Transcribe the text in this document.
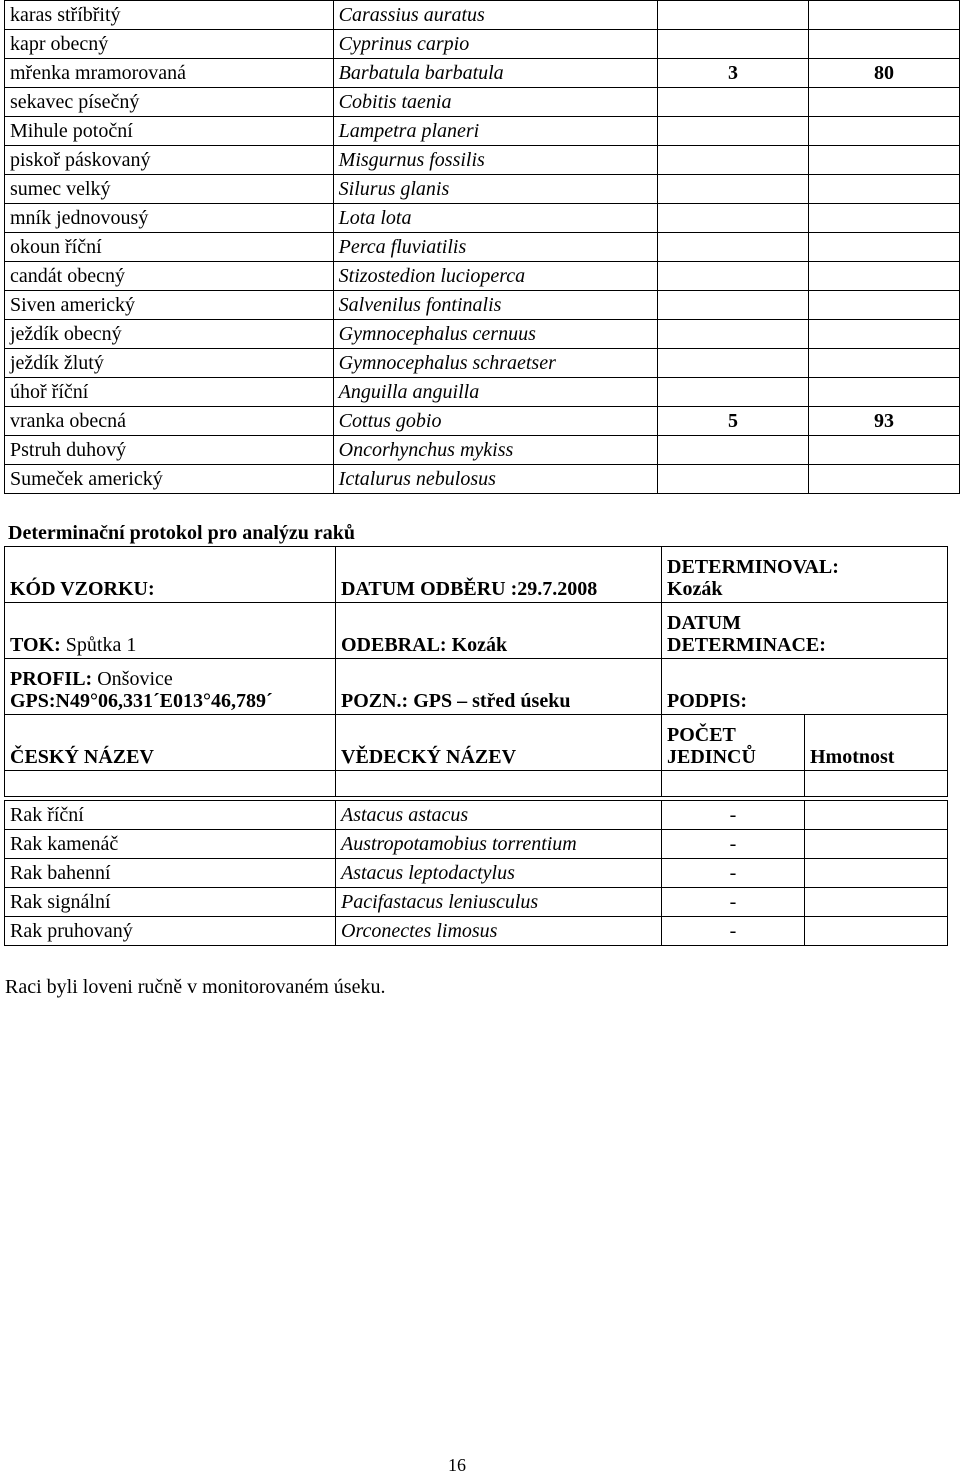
karas stříbřitý	Carassius auratus		
kapr obecný	Cyprinus carpio		
mřenka mramorovaná	Barbatula barbatula	3	80
sekavec písečný	Cobitis taenia		
Mihule potoční	Lampetra planeri		
piskoř páskovaný	Misgurnus fossilis		
sumec velký	Silurus glanis		
mník jednovousý	Lota lota		
okoun říční	Perca fluviatilis		
candát obecný	Stizostedion lucioperca		
Siven americký	Salvenilus fontinalis		
ježdík obecný	Gymnocephalus cernuus		
ježdík žlutý	Gymnocephalus schraetser		
úhoř říční	Anguilla anguilla		
vranka obecná	Cottus gobio	5	93
Pstruh duhový	Oncorhynchus mykiss		
Sumeček americký	Ictalurus nebulosus		
Determinační protokol pro analýzu raků
KÓD VZORKU:	DATUM ODBĚRU :29.7.2008	DETERMINOVAL:
Kozák	
TOK: Spůtka 1	ODEBRAL: Kozák	DATUM
DETERMINACE:	
PROFIL: Onšovice
GPS:N49°06,331´E013°46,789´	POZN.: GPS – střed úseku	PODPIS:	
ČESKÝ NÁZEV	VĚDECKÝ NÁZEV	POČET
JEDINCŮ	Hmotnost

Rak říční	Astacus astacus	-	
Rak kamenáč	Austropotamobius torrentium	-	
Rak bahenní	Astacus leptodactylus	-	
Rak signální	Pacifastacus leniusculus	-	
Rak pruhovaný	Orconectes limosus	-	
Raci byli loveni ručně v monitorovaném úseku.
16
